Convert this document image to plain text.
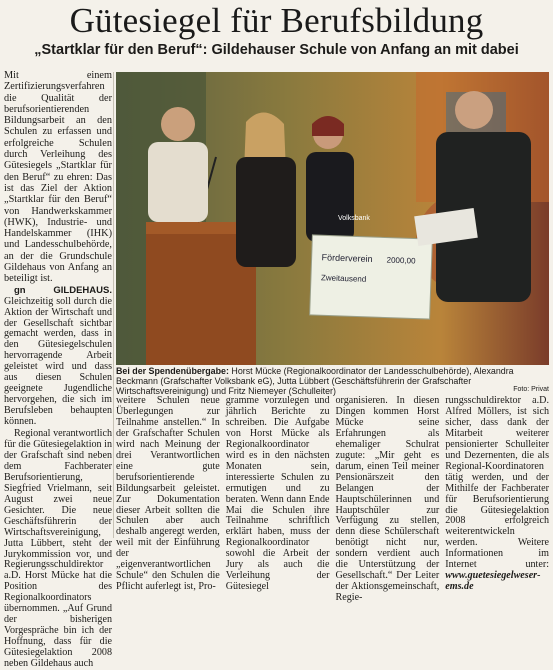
Gütesiegel für Berufsbildung
„Startklar für den Beruf“: Gildehauser Schule von Anfang an mit dabei

Mit einem Zertifizierungsverfahren die Qualität der berufsorientierenden Bildungsarbeit an den Schulen zu erfassen und erfolgreiche Schulen durch Verleihung des Gütesiegels „Startklar für den Beruf“ zu ehren: Das ist das Ziel der Aktion „Startklar für den Beruf“ von Handwerkskammer (HWK), Industrie- und Handelskammer (IHK) und Landesschulbehörde, an der die Grundschule Gildehaus von Anfang an beteiligt ist.

gn GILDEHAUS. Gleichzeitig soll durch die Aktion der Wirtschaft und der Gesellschaft sichtbar gemacht werden, dass in den Gütesiegelschulen hervorragende Arbeit geleistet wird und dass aus diesen Schulen geeignete Jugendliche hervorgehen, die sich im Berufsleben behaupten können.

Regional verantwortlich für die Gütesiegelaktion in der Grafschaft sind neben dem Fachberater Berufsorientierung, Siegfried Vrielmann, seit August zwei neue Gesichter. Die neue Geschäftsführerin der Wirtschaftsvereinigung, Jutta Lübbert, steht der Jurykommission vor, und Regierungsschuldirektor a.D. Horst Mücke hat die Position des Regionalkoordinators übernommen. „Auf Grund der bisherigen Vorgespräche bin ich der Hoffnung, dass für die Gütesiegelaktion 2008 neben Gildehaus auch

Förderverein 2000,00
Zweitausend
Volksbank
Bei der Spendenübergabe: Horst Mücke (Regionalkoordinator der Landesschulbehörde), Alexandra Beckmann (Grafschafter Volksbank eG), Jutta Lübbert (Geschäftsführerin der Grafschafter Wirtschaftsvereinigung) und Fritz Niemeyer (Schulleiter)	Foto: Privat

weitere Schulen neue Überlegungen zur Teilnahme anstellen.“ In der Grafschafter Schulen wird nach Meinung der drei Verantwortlichen eine gute berufsorientierende Bildungsarbeit geleistet. Zur Dokumentation dieser Arbeit sollten die Schulen aber auch deshalb angeregt werden, weil mit der Einführung der „eigenverantwortlichen Schule“ den Schulen die Pflicht auferlegt ist, Pro-

gramme vorzulegen und jährlich Berichte zu schreiben. Die Aufgabe von Horst Mücke als Regionalkoordinator wird es in den nächsten Monaten sein, interessierte Schulen zu ermutigen und zu beraten. Wenn dann Ende Mai die Schulen ihre Teilnahme schriftlich erklärt haben, muss der Regionalkoordinator sowohl die Arbeit der Jury als auch die Verleihung der Gütesiegel

organisieren. In diesen Dingen kommen Horst Mücke seine Erfahrungen als ehemaliger Schulrat zugute: „Mir geht es darum, einen Teil meiner Pensionärszeit den Belangen der Hauptschülerinnen und Hauptschüler zur Verfügung zu stellen, denn diese Schülerschaft benötigt nicht nur, sondern verdient auch die Unterstützung der Gesellschaft.“ Der Leiter der Aktionsgemeinschaft, Regie-

rungsschuldirektor a.D. Alfred Möllers, ist sich sicher, dass dank der Mitarbeit weiterer pensionierter Schulleiter und Dezernenten, die als Regional-Koordinatoren tätig werden, und der Mithilfe der Fachberater für Berufsorientierung die Gütesiegelaktion 2008 erfolgreich weiterentwickeln werden. Weitere Informationen im Internet unter: www.guetesiegelweser-ems.de
